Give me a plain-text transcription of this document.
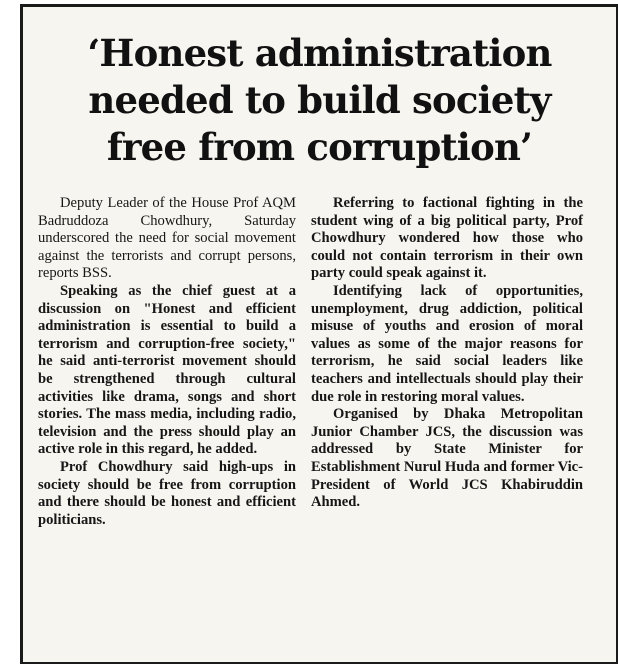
‘Honest administration
needed to build society
free from corruption’

Deputy Leader of the House Prof AQM Badruddoza Chowdhury, Saturday underscored the need for social movement against the terrorists and corrupt persons, reports BSS.

Speaking as the chief guest at a discussion on "Honest and efficient administration is essential to build a terrorism and corruption-free society," he said anti-terrorist movement should be strengthened through cultural activities like drama, songs and short stories. The mass media, including radio, television and the press should play an active role in this regard, he added.

Prof Chowdhury said high-ups in society should be free from corruption and there should be honest and efficient politicians.

Referring to factional fighting in the student wing of a big political party, Prof Chowdhury wondered how those who could not contain terrorism in their own party could speak against it.

Identifying lack of opportunities, unemployment, drug addiction, political misuse of youths and erosion of moral values as some of the major reasons for terrorism, he said social leaders like teachers and intellectuals should play their due role in restoring moral values.

Organised by Dhaka Metropolitan Junior Chamber JCS, the discussion was addressed by State Minister for Establishment Nurul Huda and former Vic-President of World JCS Khabiruddin Ahmed.
